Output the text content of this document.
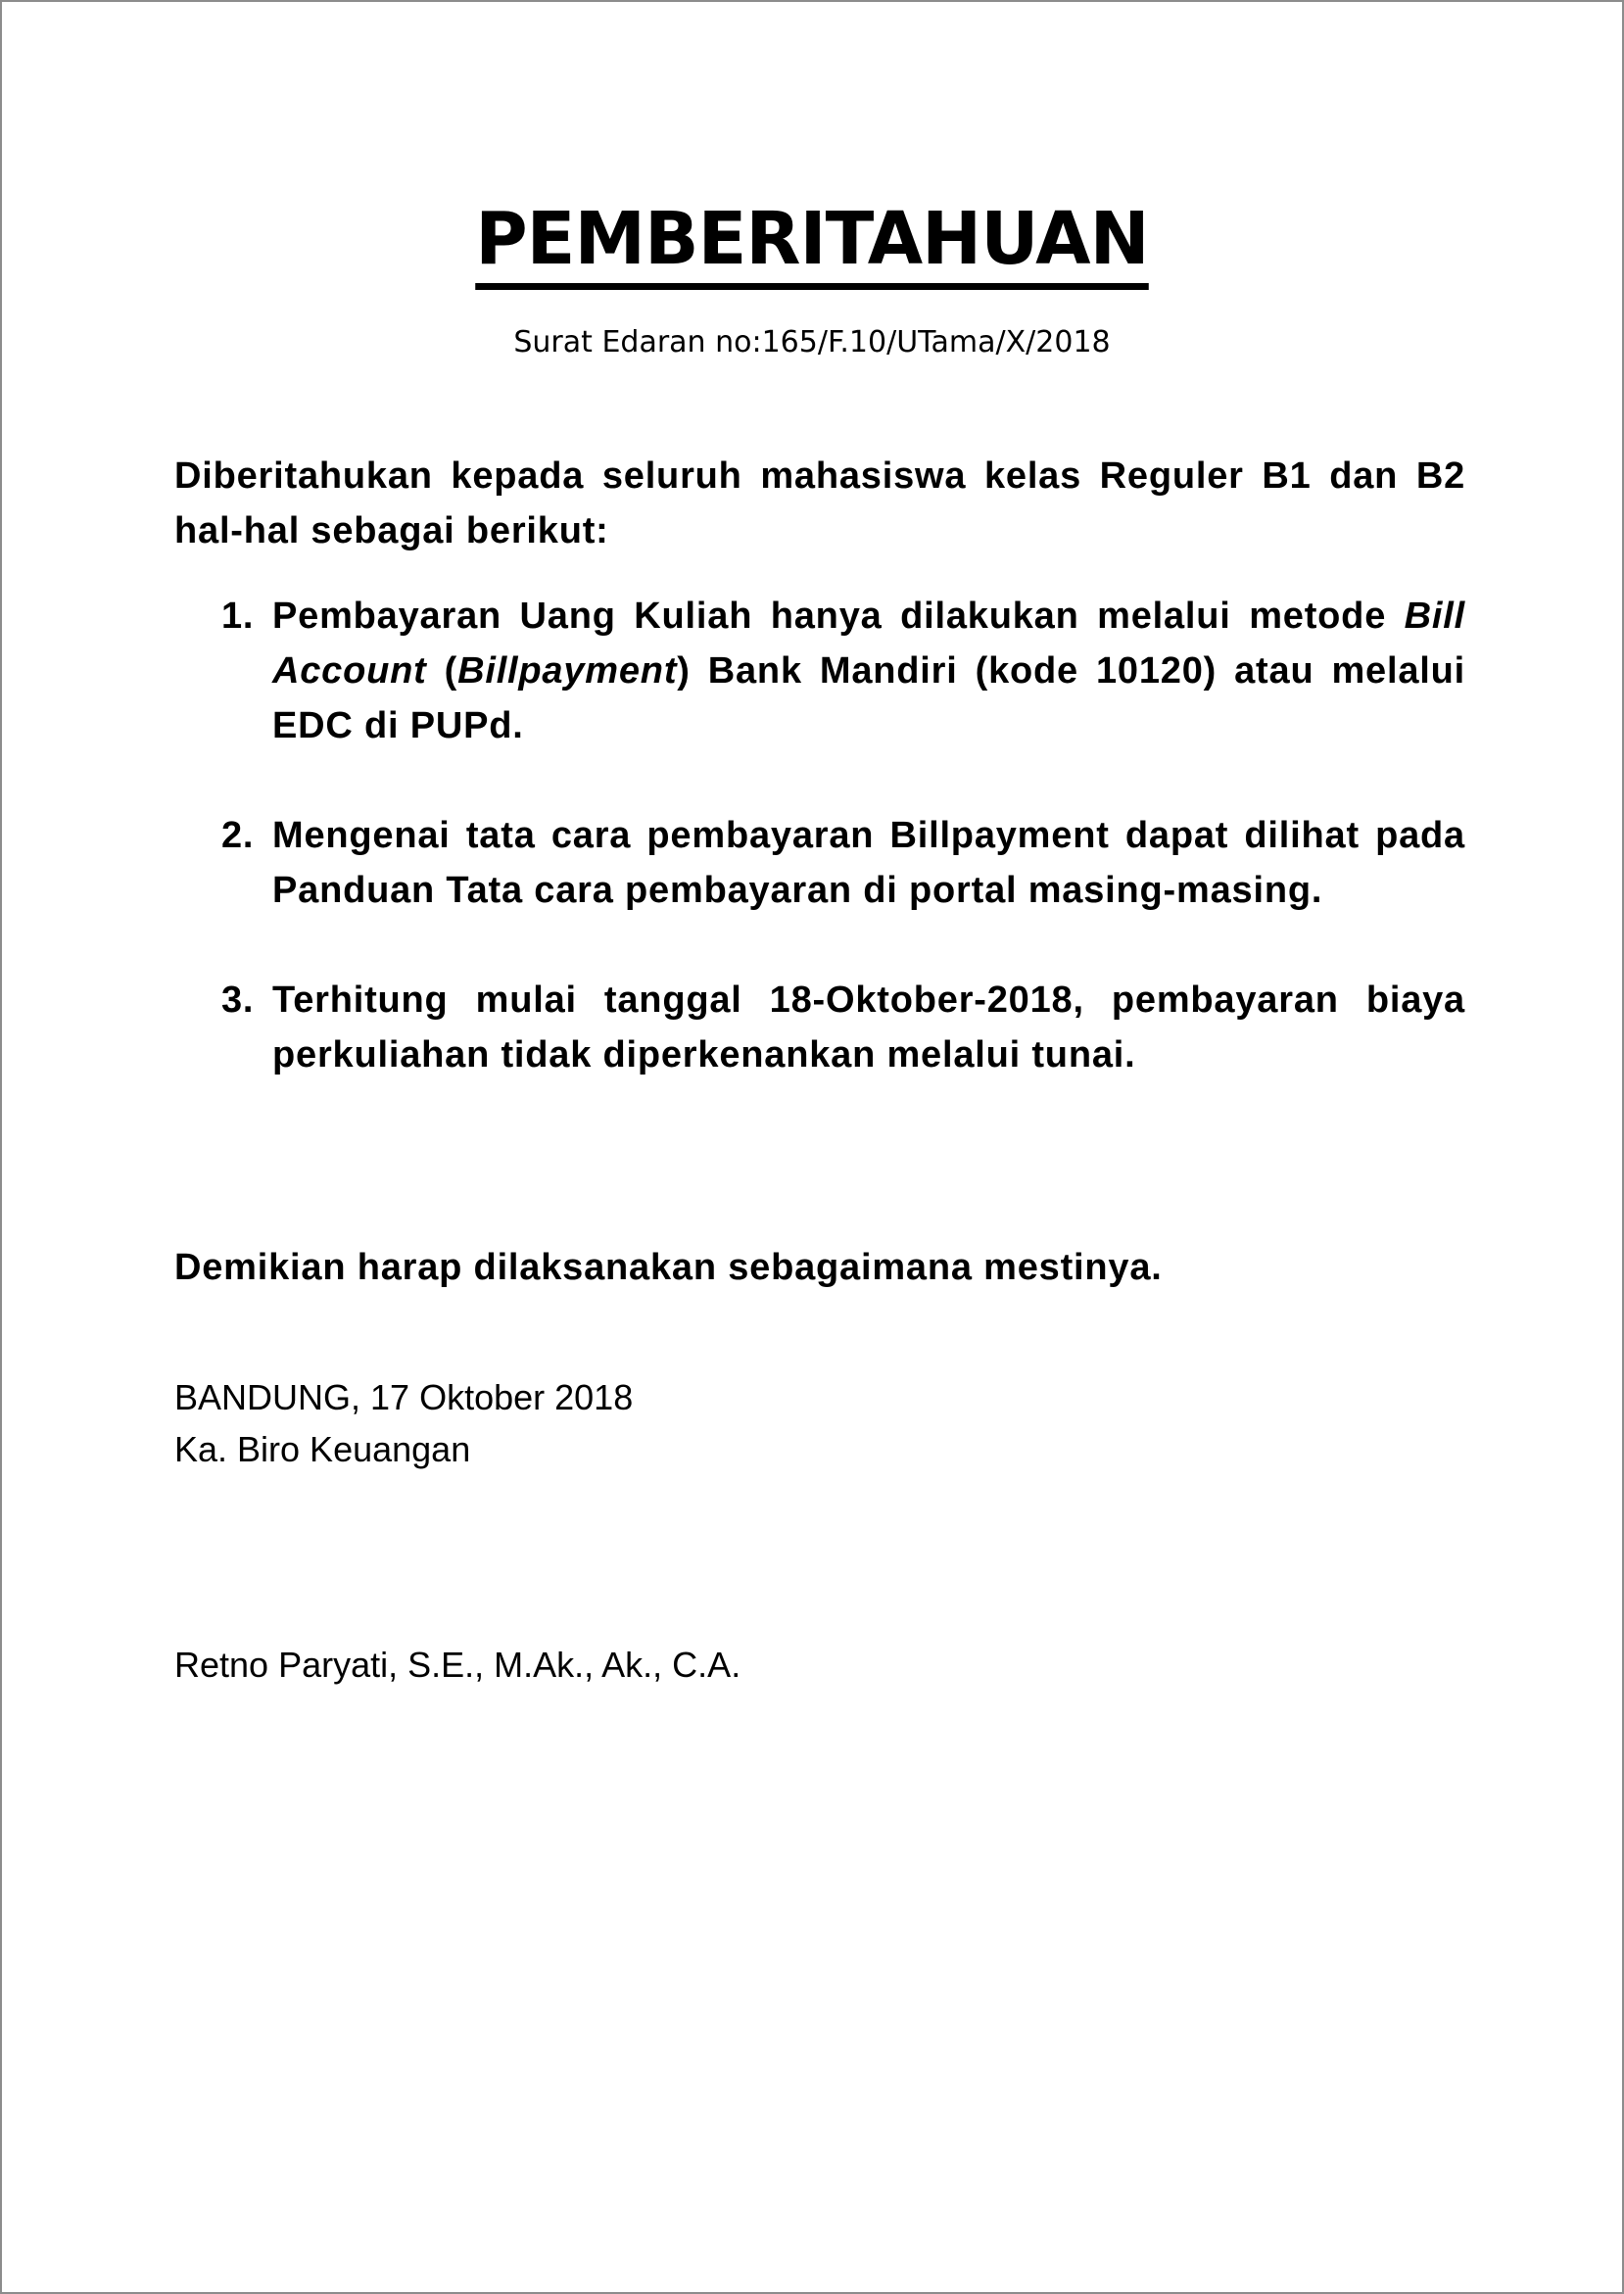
PEMBERITAHUAN
Surat Edaran no:165/F.10/UTama/X/2018
Diberitahukan kepada seluruh mahasiswa kelas Reguler B1 dan B2 hal-hal sebagai berikut:
1. Pembayaran Uang Kuliah hanya dilakukan melalui metode Bill Account (Billpayment) Bank Mandiri (kode 10120) atau melalui EDC di PUPd.
2. Mengenai tata cara pembayaran Billpayment dapat dilihat pada Panduan Tata cara pembayaran di portal masing-masing.
3. Terhitung mulai tanggal 18-Oktober-2018, pembayaran biaya perkuliahan tidak diperkenankan melalui tunai.
Demikian harap dilaksanakan sebagaimana mestinya.
BANDUNG, 17 Oktober 2018
Ka. Biro Keuangan
Retno Paryati, S.E., M.Ak., Ak., C.A.
